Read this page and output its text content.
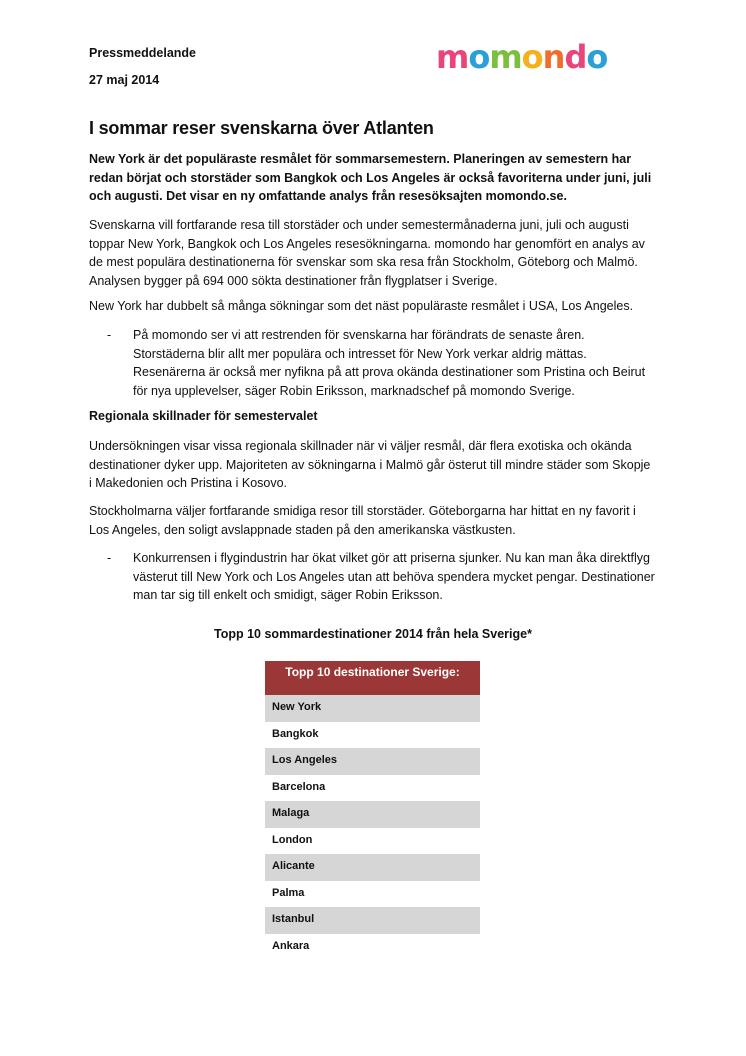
Pressmeddelande
27 maj 2014
momondo
I sommar reser svenskarna över Atlanten
New York är det populäraste resmålet för sommarsemestern. Planeringen av semestern har redan börjat och storstäder som Bangkok och Los Angeles är också favoriterna under juni, juli och augusti. Det visar en ny omfattande analys från resesöksajten momondo.se.
Svenskarna vill fortfarande resa till storstäder och under semestermånaderna juni, juli och augusti toppar New York, Bangkok och Los Angeles resesökningarna. momondo har genomfört en analys av de mest populära destinationerna för svenskar som ska resa från Stockholm, Göteborg och Malmö. Analysen bygger på 694 000 sökta destinationer från flygplatser i Sverige.
New York har dubbelt så många sökningar som det näst populäraste resmålet i USA, Los Angeles.
- På momondo ser vi att restrenden för svenskarna har förändrats de senaste åren. Storstäderna blir allt mer populära och intresset för New York verkar aldrig mättas. Resenärerna är också mer nyfikna på att prova okända destinationer som Pristina och Beirut för nya upplevelser, säger Robin Eriksson, marknadschef på momondo Sverige.
Regionala skillnader för semestervalet
Undersökningen visar vissa regionala skillnader när vi väljer resmål, där flera exotiska och okända destinationer dyker upp. Majoriteten av sökningarna i Malmö går österut till mindre städer som Skopje i Makedonien och Pristina i Kosovo.
Stockholmarna väljer fortfarande smidiga resor till storstäder. Göteborgarna har hittat en ny favorit i Los Angeles, den soligt avslappnade staden på den amerikanska västkusten.
- Konkurrensen i flygindustrin har ökat vilket gör att priserna sjunker. Nu kan man åka direktflyg västerut till New York och Los Angeles utan att behöva spendera mycket pengar. Destinationer man tar sig till enkelt och smidigt, säger Robin Eriksson.
Topp 10 sommardestinationer 2014 från hela Sverige*
Topp 10 destinationer Sverige:
New York
Bangkok
Los Angeles
Barcelona
Malaga
London
Alicante
Palma
Istanbul
Ankara
